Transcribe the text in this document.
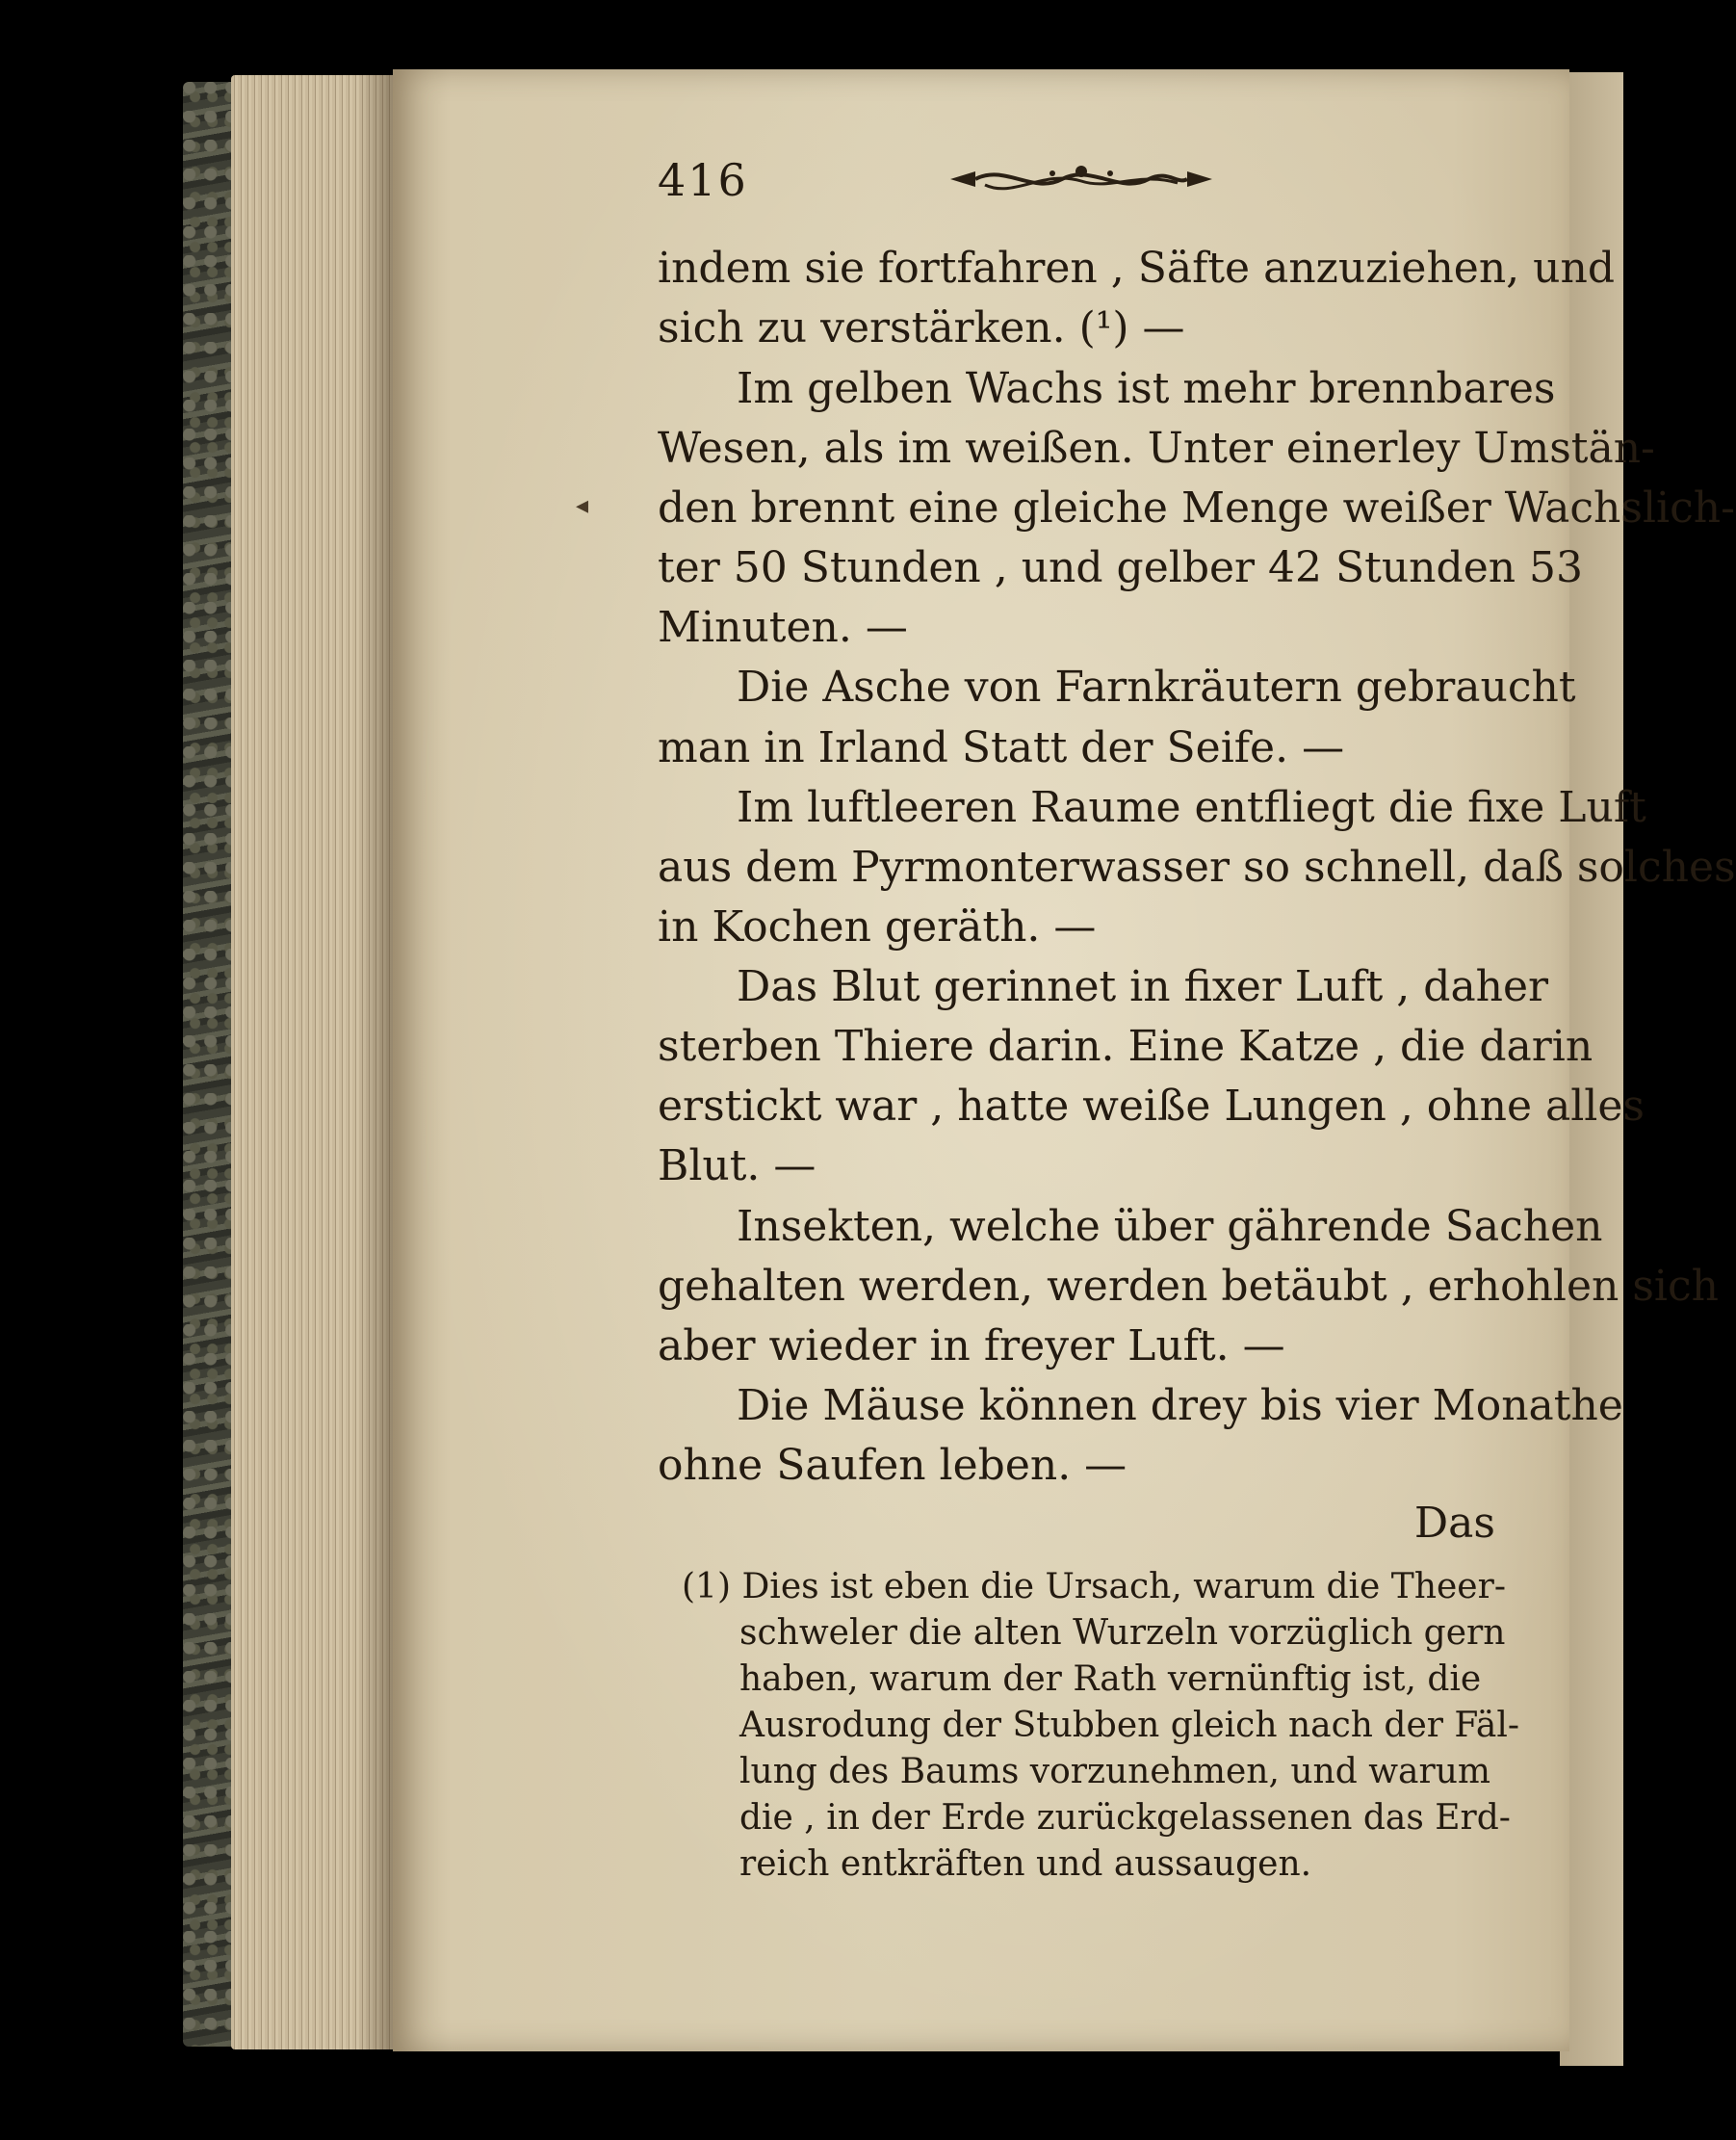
◂
416
indem sie fortfahren , Säfte anzuziehen, und
sich zu verstärken. (¹) —
Im gelben Wachs ist mehr brennbares
Wesen, als im weißen. Unter einerley Umstän-
den brennt eine gleiche Menge weißer Wachslich-
ter 50 Stunden , und gelber 42 Stunden 53
Minuten. —
Die Asche von Farnkräutern gebraucht
man in Irland Statt der Seife. —
Im luftleeren Raume entfliegt die fixe Luft
aus dem Pyrmonterwasser so schnell, daß solches
in Kochen geräth. —
Das Blut gerinnet in fixer Luft , daher
sterben Thiere darin. Eine Katze , die darin
erstickt war , hatte weiße Lungen , ohne alles
Blut. —
Insekten, welche über gährende Sachen
gehalten werden, werden betäubt , erhohlen sich
aber wieder in freyer Luft. —
Die Mäuse können drey bis vier Monathe
ohne Saufen leben. —
Das
(1) Dies ist eben die Ursach, warum die Theer-
schweler die alten Wurzeln vorzüglich gern
haben, warum der Rath vernünftig ist, die
Ausrodung der Stubben gleich nach der Fäl-
lung des Baums vorzunehmen, und warum
die , in der Erde zurückgelassenen das Erd-
reich entkräften und aussaugen.
